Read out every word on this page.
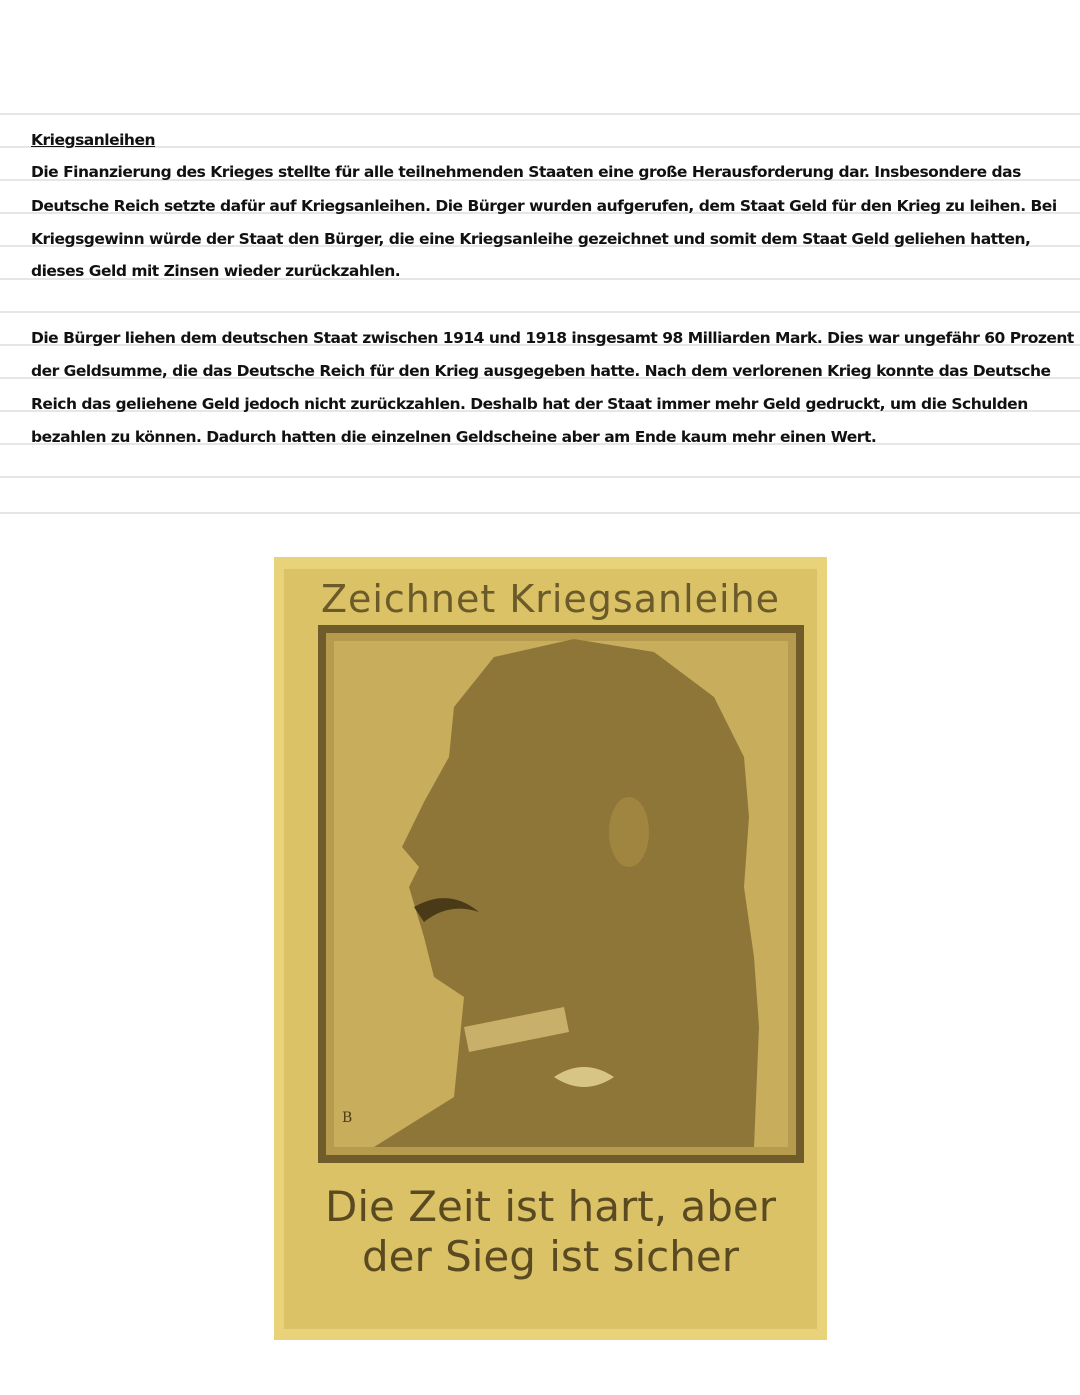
Kriegsanleihen
Die Finanzierung des Krieges stellte für alle teilnehmenden Staaten eine große Herausforderung dar. Insbesondere das
Deutsche Reich setzte dafür auf Kriegsanleihen. Die Bürger wurden aufgerufen, dem Staat Geld für den Krieg zu leihen. Bei
Kriegsgewinn würde der Staat den Bürger, die eine Kriegsanleihe gezeichnet und somit dem Staat Geld geliehen hatten,
dieses Geld mit Zinsen wieder zurückzahlen.
Die Bürger liehen dem deutschen Staat zwischen 1914 und 1918 insgesamt 98 Milliarden Mark. Dies war ungefähr 60 Prozent
der Geldsumme, die das Deutsche Reich für den Krieg ausgegeben hatte. Nach dem verlorenen Krieg konnte das Deutsche
Reich das geliehene Geld jedoch nicht zurückzahlen. Deshalb hat der Staat immer mehr Geld gedruckt, um die Schulden
bezahlen zu können. Dadurch hatten die einzelnen Geldscheine aber am Ende kaum mehr einen Wert.
B
Zeichnet Kriegsanleihe
Die Zeit ist hart, aber
der Sieg ist sicher
